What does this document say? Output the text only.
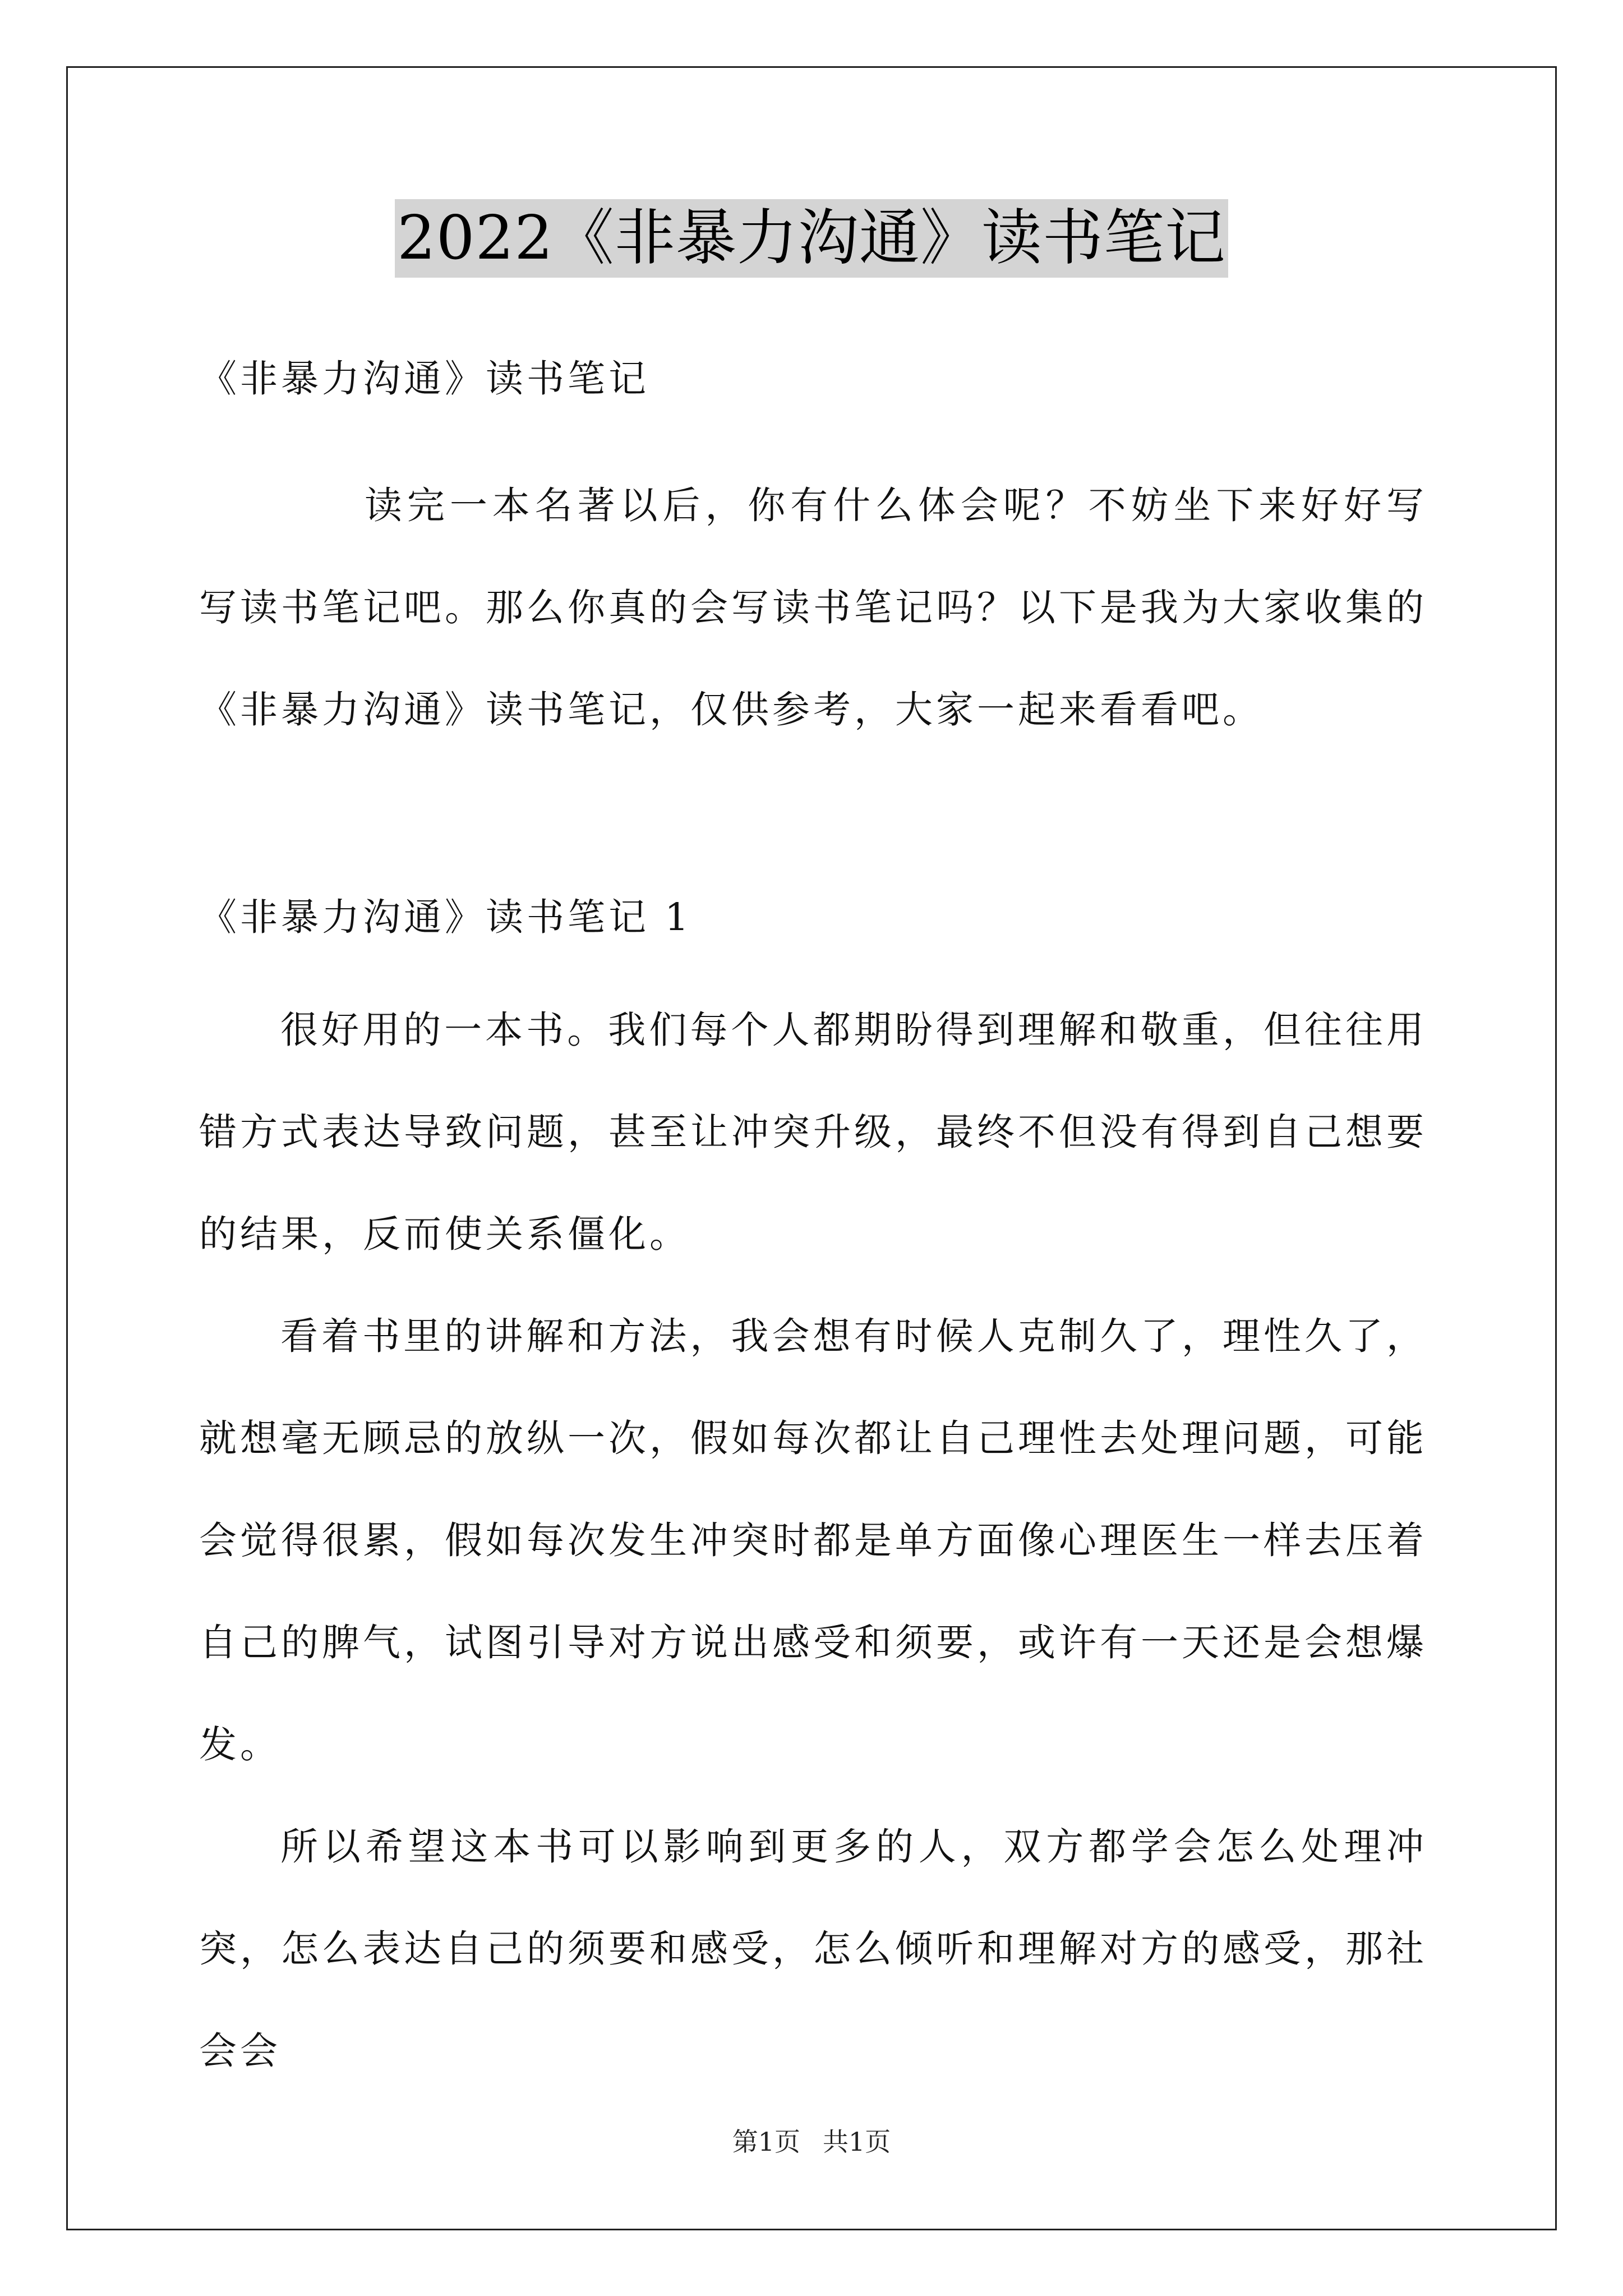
2022《非暴力沟通》读书笔记
《非暴力沟通》读书笔记
读完一本名著以后，你有什么体会呢？不妨坐下来好好写写读书笔记吧。那么你真的会写读书笔记吗？以下是我为大家收集的《非暴力沟通》读书笔记，仅供参考，大家一起来看看吧。
《非暴力沟通》读书笔记 1

很好用的一本书。我们每个人都期盼得到理解和敬重，但往往用错方式表达导致问题，甚至让冲突升级，最终不但没有得到自己想要的结果，反而使关系僵化。

看着书里的讲解和方法，我会想有时候人克制久了，理性久了，就想毫无顾忌的放纵一次，假如每次都让自己理性去处理问题，可能会觉得很累，假如每次发生冲突时都是单方面像心理医生一样去压着自己的脾气，试图引导对方说出感受和须要，或许有一天还是会想爆发。

所以希望这本书可以影响到更多的人，双方都学会怎么处理冲突，怎么表达自己的须要和感受，怎么倾听和理解对方的感受，那社会会

第1页 共1页
